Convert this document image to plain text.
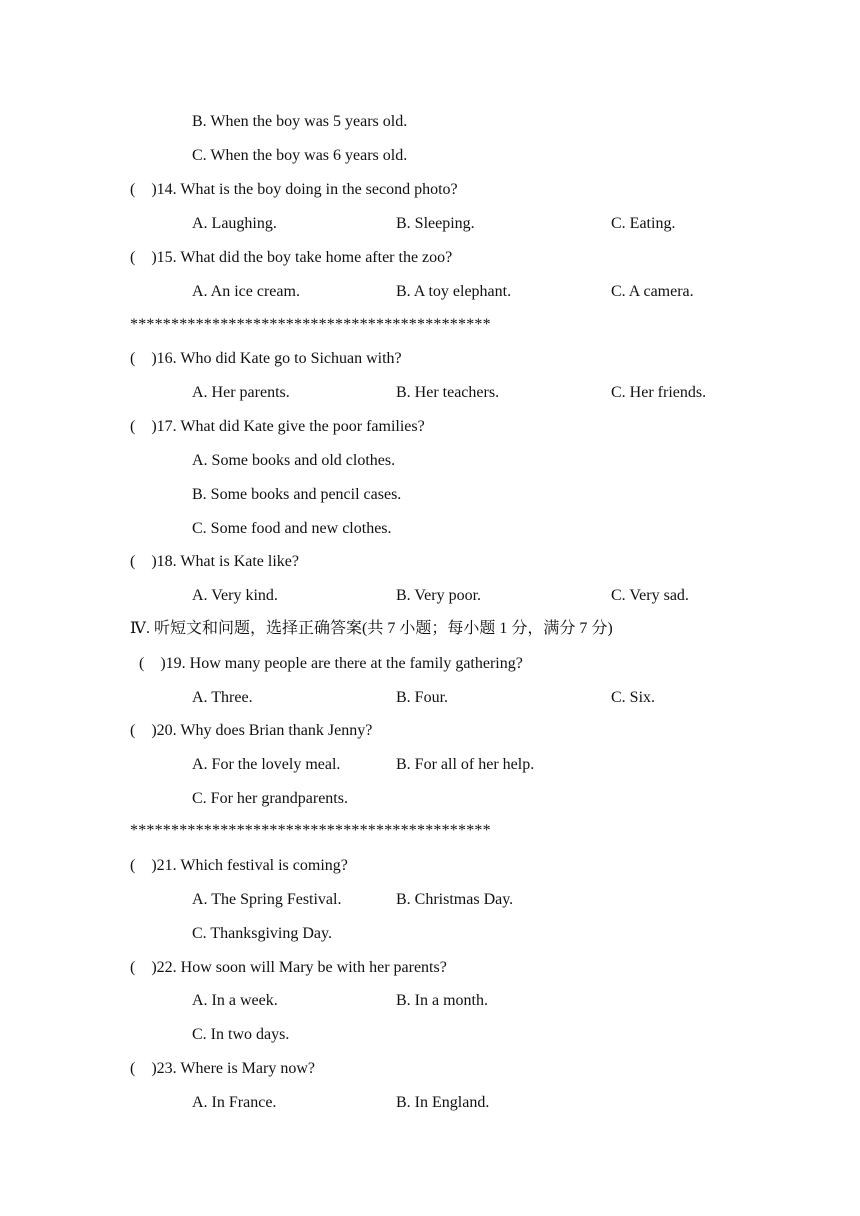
B. When the boy was 5 years old.
C. When the boy was 6 years old.
(    )14. What is the boy doing in the second photo?
A. Laughing.	B. Sleeping.	C. Eating.
(    )15. What did the boy take home after the zoo?
A. An ice cream.	B. A toy elephant.	C. A camera.
********************************************
(    )16. Who did Kate go to Sichuan with?
A. Her parents.	B. Her teachers.	C. Her friends.
(    )17. What did Kate give the poor families?
A. Some books and old clothes.
B. Some books and pencil cases.
C. Some food and new clothes.
(    )18. What is Kate like?
A. Very kind.	B. Very poor.	C. Very sad.
Ⅳ. 听短文和问题，选择正确答案(共 7 小题；每小题 1 分，满分 7 分)
(    )19. How many people are there at the family gathering?
A. Three.	B. Four.	C. Six.
(    )20. Why does Brian thank Jenny?
A. For the lovely meal.	B. For all of her help.
C. For her grandparents.
********************************************
(    )21. Which festival is coming?
A. The Spring Festival.	B. Christmas Day.
C. Thanksgiving Day.
(    )22. How soon will Mary be with her parents?
A. In a week.	B. In a month.
C. In two days.
(    )23. Where is Mary now?
A. In France.	B. In England.
